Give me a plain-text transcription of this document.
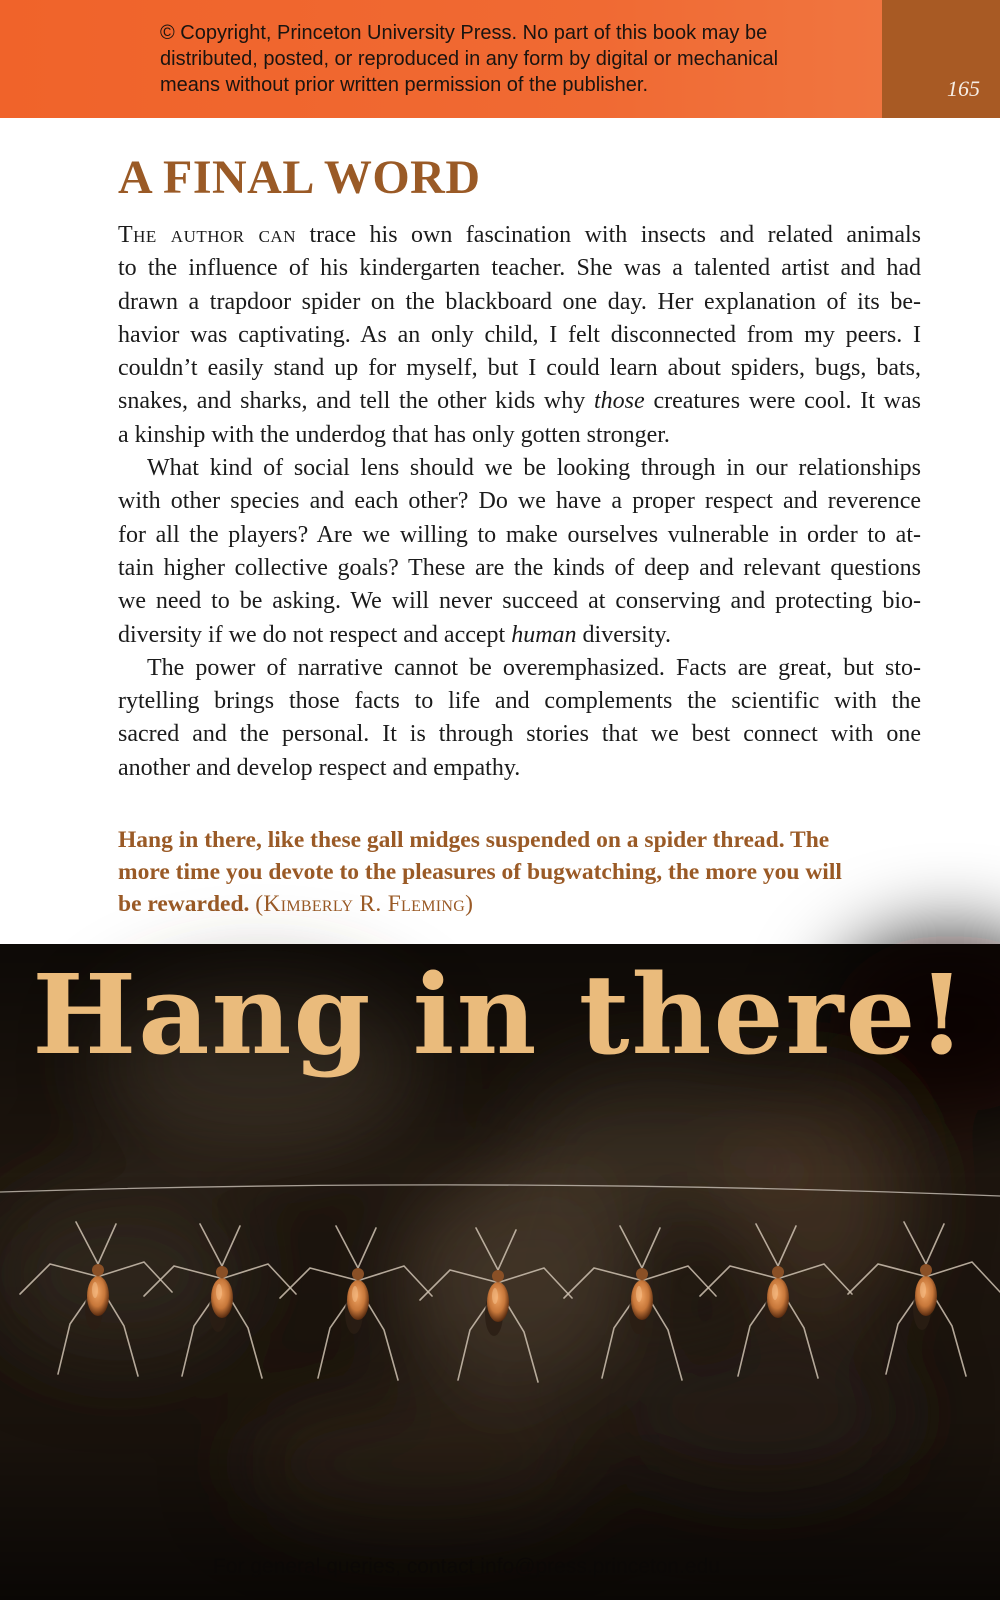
© Copyright, Princeton University Press. No part of this book may be
distributed, posted, or reproduced in any form by digital or mechanical
means without prior written permission of the publisher.	165
A FINAL WORD
The author can trace his own fascination with insects and related animals
to the influence of his kindergarten teacher. She was a talented artist and had
drawn a trapdoor spider on the blackboard one day. Her explanation of its be-
havior was captivating. As an only child, I felt disconnected from my peers. I
couldn’t easily stand up for myself, but I could learn about spiders, bugs, bats,
snakes, and sharks, and tell the other kids why those creatures were cool. It was
a kinship with the underdog that has only gotten stronger.
What kind of social lens should we be looking through in our relationships
with other species and each other? Do we have a proper respect and reverence
for all the players? Are we willing to make ourselves vulnerable in order to at-
tain higher collective goals? These are the kinds of deep and relevant questions
we need to be asking. We will never succeed at conserving and protecting bio-
diversity if we do not respect and accept human diversity.
The power of narrative cannot be overemphasized. Facts are great, but sto-
rytelling brings those facts to life and complements the scientific with the
sacred and the personal. It is through stories that we best connect with one
another and develop respect and empathy.
Hang in there, like these gall midges suspended on a spider thread. The
more time you devote to the pleasures of bugwatching, the more you will
be rewarded. (Kimberly R. Fleming)
Hang in there!
For general queries, contact info@press.princeton.edu
